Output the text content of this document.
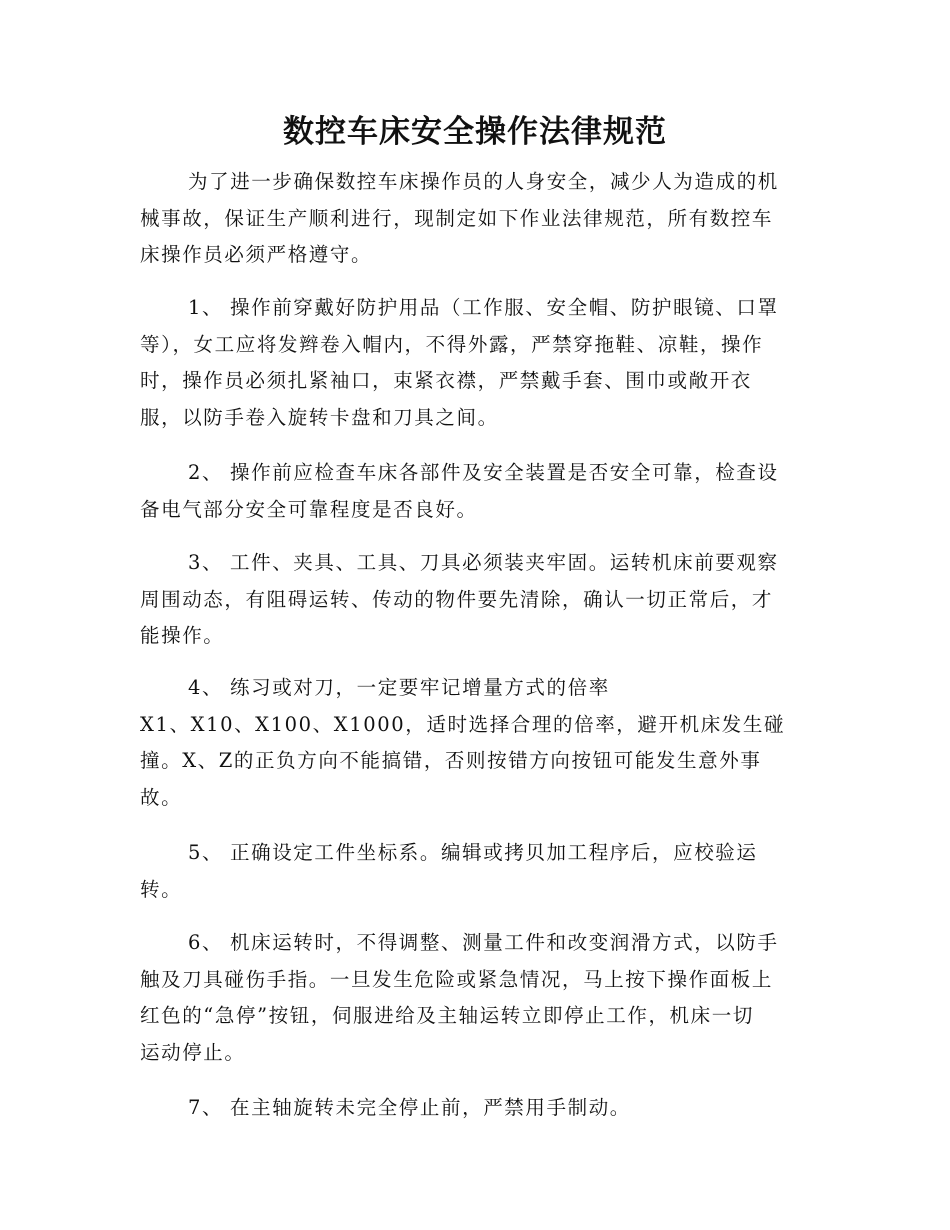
数控车床安全操作法律规范
为了进一步确保数控车床操作员的人身安全，减少人为造成的机
械事故，保证生产顺利进行，现制定如下作业法律规范，所有数控车
床操作员必须严格遵守。
1、 操作前穿戴好防护用品（工作服、安全帽、防护眼镜、口罩
等），女工应将发辫卷入帽内，不得外露，严禁穿拖鞋、凉鞋，操作
时，操作员必须扎紧袖口，束紧衣襟，严禁戴手套、围巾或敞开衣
服，以防手卷入旋转卡盘和刀具之间。
2、 操作前应检查车床各部件及安全装置是否安全可靠，检查设
备电气部分安全可靠程度是否良好。
3、 工件、夹具、工具、刀具必须装夹牢固。运转机床前要观察
周围动态，有阻碍运转、传动的物件要先清除，确认一切正常后，才
能操作。
4、 练习或对刀，一定要牢记增量方式的倍率
X1、X10、X100、X1000，适时选择合理的倍率，避开机床发生碰
撞。X、Z的正负方向不能搞错，否则按错方向按钮可能发生意外事
故。
5、 正确设定工件坐标系。编辑或拷贝加工程序后，应校验运
转。
6、 机床运转时，不得调整、测量工件和改变润滑方式，以防手
触及刀具碰伤手指。一旦发生危险或紧急情况，马上按下操作面板上
红色的“急停”按钮，伺服进给及主轴运转立即停止工作，机床一切
运动停止。
7、 在主轴旋转未完全停止前，严禁用手制动。
